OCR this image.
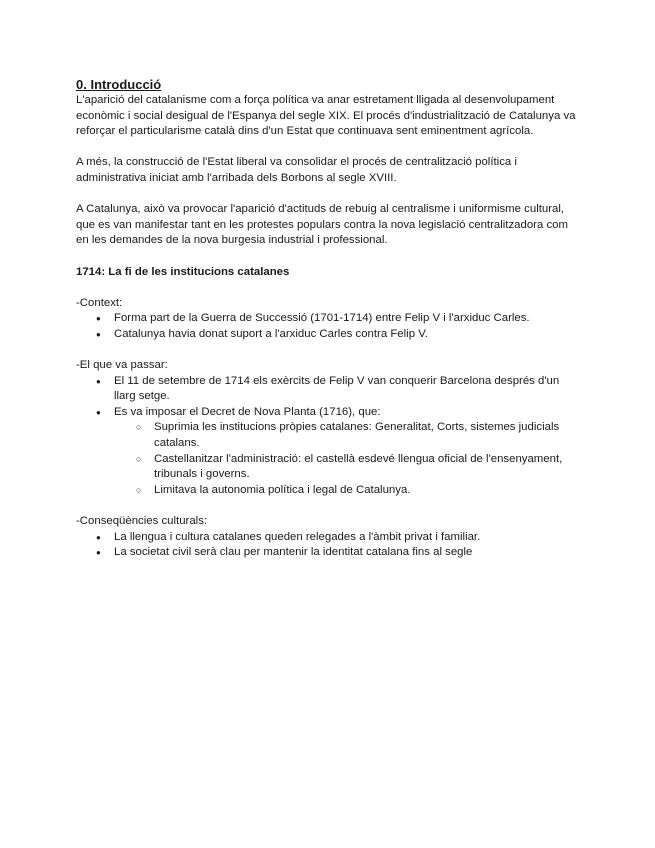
0. Introducció

L'aparició del catalanisme com a força política va anar estretament lligada al desenvolupament econòmic i social desigual de l'Espanya del segle XIX. El procés d'industrialització de Catalunya va reforçar el particularisme català dins d'un Estat que continuava sent eminentment agrícola.

A més, la construcció de l'Estat liberal va consolidar el procés de centralització política i administrativa iniciat amb l'arribada dels Borbons al segle XVIII.

A Catalunya, això va provocar l'aparició d'actituds de rebuig al centralisme i uniformisme cultural, que es van manifestar tant en les protestes populars contra la nova legislació centralitzadora com en les demandes de la nova burgesia industrial i professional.

1714: La fi de les institucions catalanes

-Context:

● Forma part de la Guerra de Successió (1701-1714) entre Felip V i l'arxiduc Carles.
● Catalunya havia donat suport a l'arxiduc Carles contra Felip V.

-El que va passar:

● El 11 de setembre de 1714 els exèrcits de Felip V van conquerir Barcelona després d'un llarg setge.
● Es va imposar el Decret de Nova Planta (1716), que:
○ Suprimia les institucions pròpies catalanes: Generalitat, Corts, sistemes judicials catalans.
○ Castellanitzar l'administració: el castellà esdevé llengua oficial de l'ensenyament, tribunals i governs.
○ Limitava la autonomia política i legal de Catalunya.

-Conseqüències culturals:

● La llengua i cultura catalanes queden relegades a l'àmbit privat i familiar.
● La societat civil serà clau per mantenir la identitat catalana fins al segle
